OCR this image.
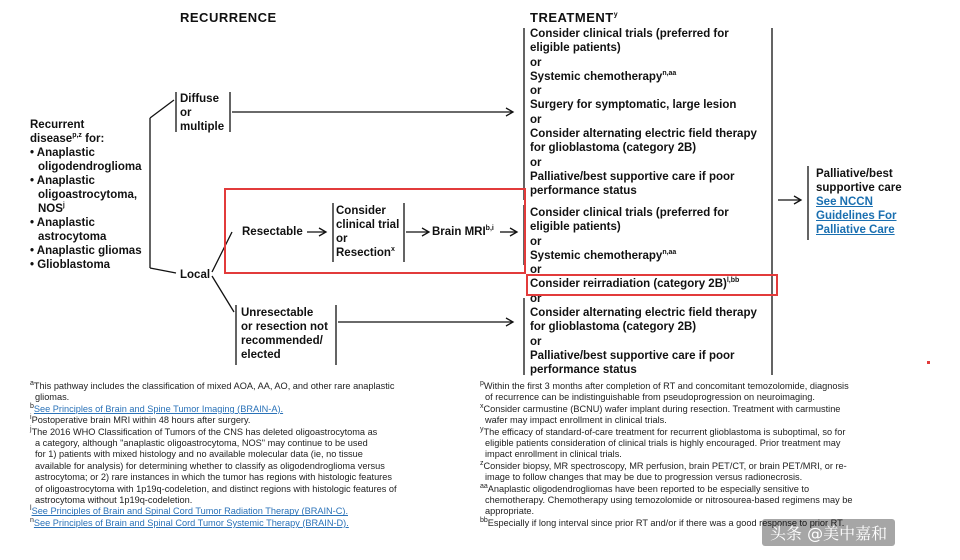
RECURRENCE	TREATMENT$^y$
Recurrent
disease$^{p,z}$ for:
• Anaplastic
oligodendroglioma
• Anaplastic
oligoastrocytoma,
NOS$^j$
• Anaplastic
astrocytoma
• Anaplastic gliomas
• Glioblastoma
Diffuse
or
multiple
Local
Resectable
Consider
clinical trial
or
Resection$^x$
Brain MRI$^{b,i}$
Unresectable
or resection not
recommended/
elected
Consider clinical trials (preferred for
eligible patients)
or
Systemic chemotherapy$^{n,aa}$
or
Surgery for symptomatic, large lesion
or
Consider alternating electric field therapy
for glioblastoma (category 2B)
or
Palliative/best supportive care if poor
performance status
Consider clinical trials (preferred for
eligible patients)
or
Systemic chemotherapy$^{n,aa}$
or
Consider reirradiation (category 2B)$^{l,bb}$
or
Consider alternating electric field therapy
for glioblastoma (category 2B)
or
Palliative/best supportive care if poor
performance status
Palliative/best
supportive care
See NCCN
Guidelines For
Palliative Care
$^a$This pathway includes the classification of mixed AOA, AA, AO, and other rare anaplastic
gliomas.
$^b$See Principles of Brain and Spine Tumor Imaging (BRAIN-A).
$^i$Postoperative brain MRI within 48 hours after surgery.
$^j$The 2016 WHO Classification of Tumors of the CNS has deleted oligoastrocytoma as
a category, although "anaplastic oligoastrocytoma, NOS" may continue to be used
for 1) patients with mixed histology and no available molecular data (ie, no tissue
available for analysis) for determining whether to classify as oligodendroglioma versus
astrocytoma; or 2) rare instances in which the tumor has regions with histologic features
of oligoastrocytoma with 1p19q-codeletion, and distinct regions with histologic features of
astrocytoma without 1p19q-codeletion.
$^l$See Principles of Brain and Spinal Cord Tumor Radiation Therapy (BRAIN-C).
$^n$See Principles of Brain and Spinal Cord Tumor Systemic Therapy (BRAIN-D).
$^p$Within the first 3 months after completion of RT and concomitant temozolomide, diagnosis
of recurrence can be indistinguishable from pseudoprogression on neuroimaging.
$^x$Consider carmustine (BCNU) wafer implant during resection. Treatment with carmustine
wafer may impact enrollment in clinical trials.
$^y$The efficacy of standard-of-care treatment for recurrent glioblastoma is suboptimal, so for
eligible patients consideration of clinical trials is highly encouraged. Prior treatment may
impact enrollment in clinical trials.
$^z$Consider biopsy, MR spectroscopy, MR perfusion, brain PET/CT, or brain PET/MRI, or re-
image to follow changes that may be due to progression versus radionecrosis.
$^{aa}$Anaplastic oligodendrogliomas have been reported to be especially sensitive to
chemotherapy. Chemotherapy using temozolomide or nitrosourea-based regimens may be
appropriate.
$^{bb}$Especially if long interval since prior RT and/or if there was a good response to prior RT.
头条 @美中嘉和
